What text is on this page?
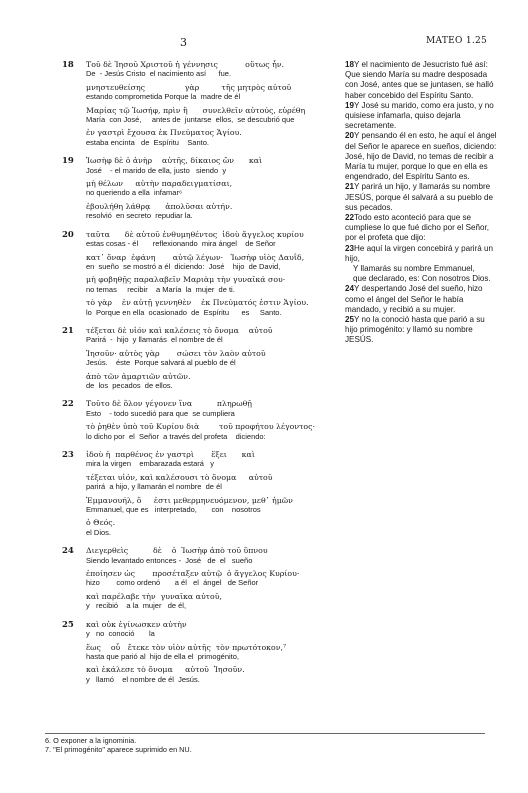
3	MATEO 1.25
18 Τοῦ δὲ Ἰησοῦ Χριστοῦ ἡ γέννησις           οὕτως ἦν.
De  - Jesús Cristo  el nacimiento así      fue.
μνηστευθείσης                γὰρ         τῆς μητρὸς αὐτοῦ
estando comprometida Porque la  madre de él
Μαρίας τῷ Ἰωσήφ, πρὶν ἢ      συνελθεῖν αὐτούς, εὑρέθη
María  con José,     antes de  juntarse  ellos,  se descubrió que
ἐν γαστρὶ ἔχουσα ἐκ Πνεύματος Ἁγίου.
estaba encinta   de  Espíritu    Santo.
19 Ἰωσὴφ δὲ ὁ ἀνὴρ    αὐτῆς, δίκαιος ὤν      καὶ
José    - el marido de ella, justo   siendo  y
μὴ θέλων     αὐτὴν παραδειγματίσαι,
no queriendo a ella  infamar⁶
ἐβουλήθη λάθρᾳ      ἀπολῦσαι αὐτήν.
resolvió  en secreto  repudiar la.
20 ταῦτα      δὲ αὐτοῦ ἐνθυμηθέντος  ἰδοὺ ἄγγελος κυρίου
estas cosas - él       reflexionando  mira ángel    de Señor
κατ᾽ ὄναρ  ἐφάνη       αὐτῷ λέγων·   Ἰωσὴφ υἱὸς Δαυΐδ,
en  sueño  se mostró a él  diciendo:  José    hijo  de David,
μὴ φοβηθῇς παραλαβεῖν Μαριὰμ τὴν γυναῖκά σου·
no temas     recibir    a María  la  mujer  de ti.
τὸ γὰρ    ἐν αὐτῇ γεννηθὲν    ἐκ Πνεύματός ἐστιν Ἁγίου.
lo  Porque en ella  ocasionado  de  Espíritu      es     Santo.
21 τέξεται δὲ υἱόν καὶ καλέσεις τὸ ὄνομα    αὐτοῦ
Parirá  -  hijo  y llamarás  el nombre de él
Ἰησοῦν· αὐτὸς γὰρ       σώσει τὸν λαὸν αὐτοῦ
Jesús.    éste  Porque salvará al pueblo de él
ἀπὸ τῶν ἁμαρτιῶν αὐτῶν.
de  los  pecados  de ellos.
22 Τοῦτο δὲ ὅλον γέγονεν ἵνα          πληρωθῇ
Esto    - todo sucedió para que  se cumpliera
τὸ ῥηθὲν ὑπὸ τοῦ Κυρίου διὰ        τοῦ προφήτου λέγοντος·
lo dicho por  el  Señor  a través del profeta    diciendo:
23 ἰδοὺ ἡ  παρθένος ἐν γαστρὶ       ἕξει      καὶ
mira la virgen    embarazada estará   y
τέξεται υἱόν, καὶ καλέσουσι τὸ ὄνομα     αὐτοῦ
parirá  a hijo, y llamarán el nombre  de él
Ἐμμανουήλ, ὅ     ἐστι μεθερμηνευόμενον, μεθ᾽ ἡμῶν
Emmanuel, que es   interpretado,       con    nosotros
ὁ Θεός.
el Dios.
24 Διεγερθεὶς          δὲ    ὁ  Ἰωσὴφ ἀπὸ τοῦ ὕπνου
Siendo levantado entonces -  José   de  el   sueño
ἐποίησεν ὡς       προσέταξεν αὐτῷ  ὁ ἄγγελος Κυρίου·
hizo        como ordenó       a él   el  ángel   de Señor
καὶ παρέλαβε τὴν  γυναῖκα αὐτοῦ,
y   recibió    a la  mujer   de él,
25 καὶ οὐκ ἐγίνωσκεν αὐτὴν
y   no  conoció       la
ἕως    οὗ   ἔτεκε τὸν υἱὸν αὐτῆς  τὸν πρωτότοκον,⁷
hasta que parió al  hijo de ella el  primogénito,
καὶ ἐκάλεσε τὸ ὄνομα     αὐτοῦ  Ἰησοῦν.
y   llamó    el nombre de él  Jesús.

18Y el nacimiento de Jesucristo fué así: Que siendo María su madre desposada con José, antes que se juntasen, se halló haber concebido del Espíritu Santo.

19Y José su marido, como era justo, y no quisiese infamarla, quiso dejarla secretamente.

20Y pensando él en esto, he aquí el ángel del Señor le aparece en sueños, diciendo: José, hijo de David, no temas de recibir a María tu mujer, porque lo que en ella es engendrado, del Espíritu Santo es.

21Y parirá un hijo, y llamarás su nombre JESÚS, porque él salvará a su pueblo de sus pecados.

22Todo esto aconteció para que se cumpliese lo que fué dicho por el Señor, por el profeta que dijo:

23He aquí la virgen concebirá y parirá un hijo,

Y llamarás su nombre Emmanuel,

que declarado, es: Con nosotros Dios.

24Y despertando José del sueño, hizo como el ángel del Señor le había mandado, y recibió a su mujer.

25Y no la conoció hasta que parió a su hijo primogénito: y llamó su nombre JESÚS.

6. O exponer a la ignominia.
7. "El primogénito" aparece suprimido en NU.
